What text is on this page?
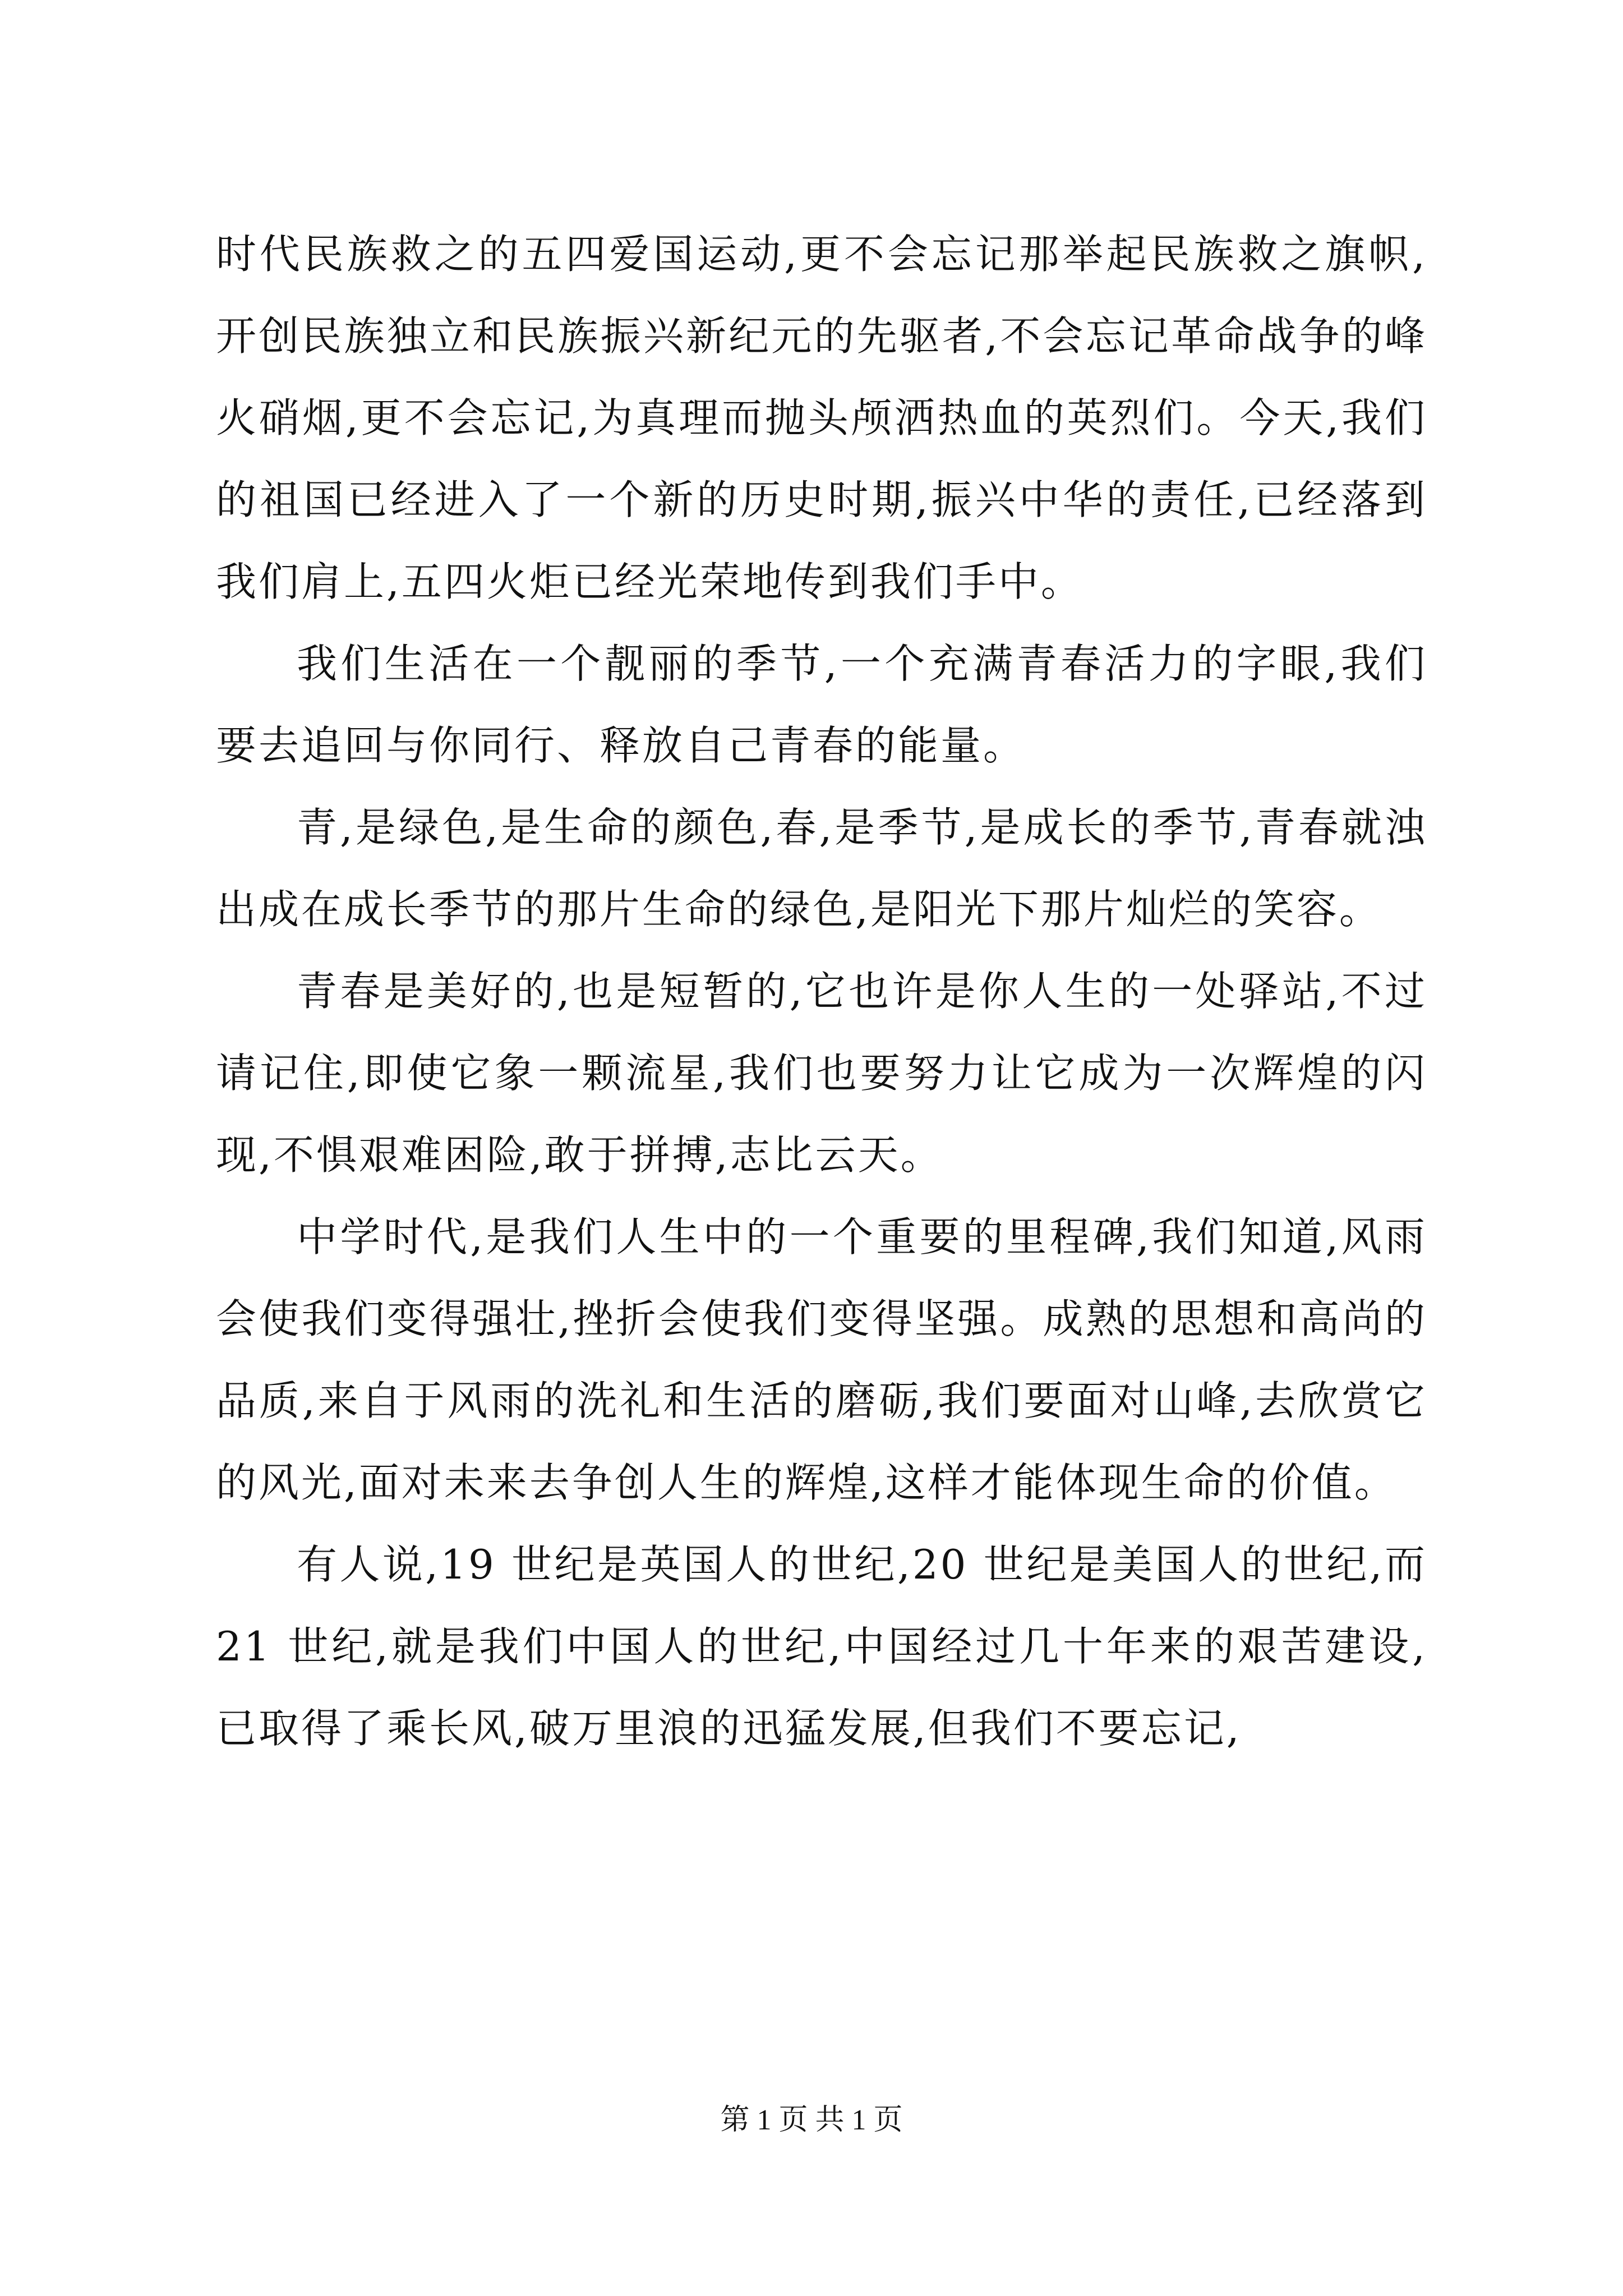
时代民族救之的五四爱国运动,更不会忘记那举起民族救之旗帜,开创民族独立和民族振兴新纪元的先驱者,不会忘记革命战争的峰火硝烟,更不会忘记,为真理而抛头颅洒热血的英烈们。今天,我们的祖国已经进入了一个新的历史时期,振兴中华的责任,已经落到我们肩上,五四火炬已经光荣地传到我们手中。

我们生活在一个靓丽的季节,一个充满青春活力的字眼,我们要去追回与你同行、释放自己青春的能量。

青,是绿色,是生命的颜色,春,是季节,是成长的季节,青春就浊出成在成长季节的那片生命的绿色,是阳光下那片灿烂的笑容。

青春是美好的,也是短暂的,它也许是你人生的一处驿站,不过请记住,即使它象一颗流星,我们也要努力让它成为一次辉煌的闪现,不惧艰难困险,敢于拼搏,志比云天。

中学时代,是我们人生中的一个重要的里程碑,我们知道,风雨会使我们变得强壮,挫折会使我们变得坚强。成熟的思想和高尚的品质,来自于风雨的洗礼和生活的磨砺,我们要面对山峰,去欣赏它的风光,面对未来去争创人生的辉煌,这样才能体现生命的价值。

有人说,19 世纪是英国人的世纪,20 世纪是美国人的世纪,而 21 世纪,就是我们中国人的世纪,中国经过几十年来的艰苦建设,已取得了乘长风,破万里浪的迅猛发展,但我们不要忘记,

第 1 页 共 1 页
